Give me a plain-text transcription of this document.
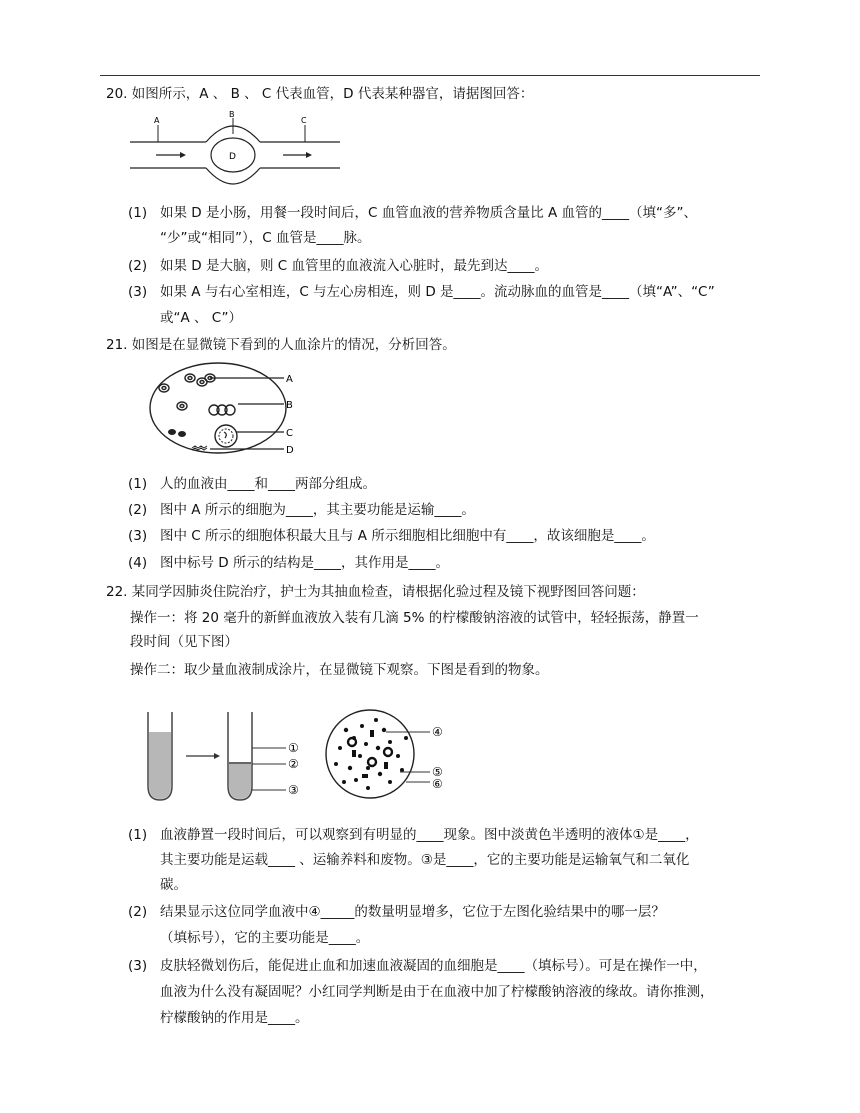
20. 如图所示，A 、 B 、 C 代表血管，D 代表某种器官，请据图回答：
A
B
C
D
(1) 如果 D 是小肠，用餐一段时间后，C 血管血液的营养物质含量比 A 血管的____（填“多”、
“少”或“相同”），C 血管是____脉。
(2) 如果 D 是大脑，则 C 血管里的血液流入心脏时，最先到达____。
(3) 如果 A 与右心室相连，C 与左心房相连，则 D 是____。流动脉血的血管是____（填“A”、“C”
或“A 、 C”）
21. 如图是在显微镜下看到的人血涂片的情况，分析回答。
A
B
C
D
(1) 人的血液由____和____两部分组成。
(2) 图中 A 所示的细胞为____，其主要功能是运输____。
(3) 图中 C 所示的细胞体积最大且与 A 所示细胞相比细胞中有____，故该细胞是____。
(4) 图中标号 D 所示的结构是____，其作用是____。
22. 某同学因肺炎住院治疗，护士为其抽血检查，请根据化验过程及镜下视野图回答问题：
操作一：将 20 毫升的新鲜血液放入装有几滴 5% 的柠檬酸钠溶液的试管中，轻轻振荡，静置一
段时间（见下图）
操作二：取少量血液制成涂片，在显微镜下观察。下图是看到的物象。
①
②
③
④
⑤
⑥
(1) 血液静置一段时间后，可以观察到有明显的____现象。图中淡黄色半透明的液体①是____，
其主要功能是运载____ 、运输养料和废物。③是____，它的主要功能是运输氧气和二氧化
碳。
(2) 结果显示这位同学血液中④_____的数量明显增多，它位于左图化验结果中的哪一层？
（填标号），它的主要功能是____。
(3) 皮肤轻微划伤后，能促进止血和加速血液凝固的血细胞是____（填标号）。可是在操作一中，
血液为什么没有凝固呢？小红同学判断是由于在血液中加了柠檬酸钠溶液的缘故。请你推测，
柠檬酸钠的作用是____。
